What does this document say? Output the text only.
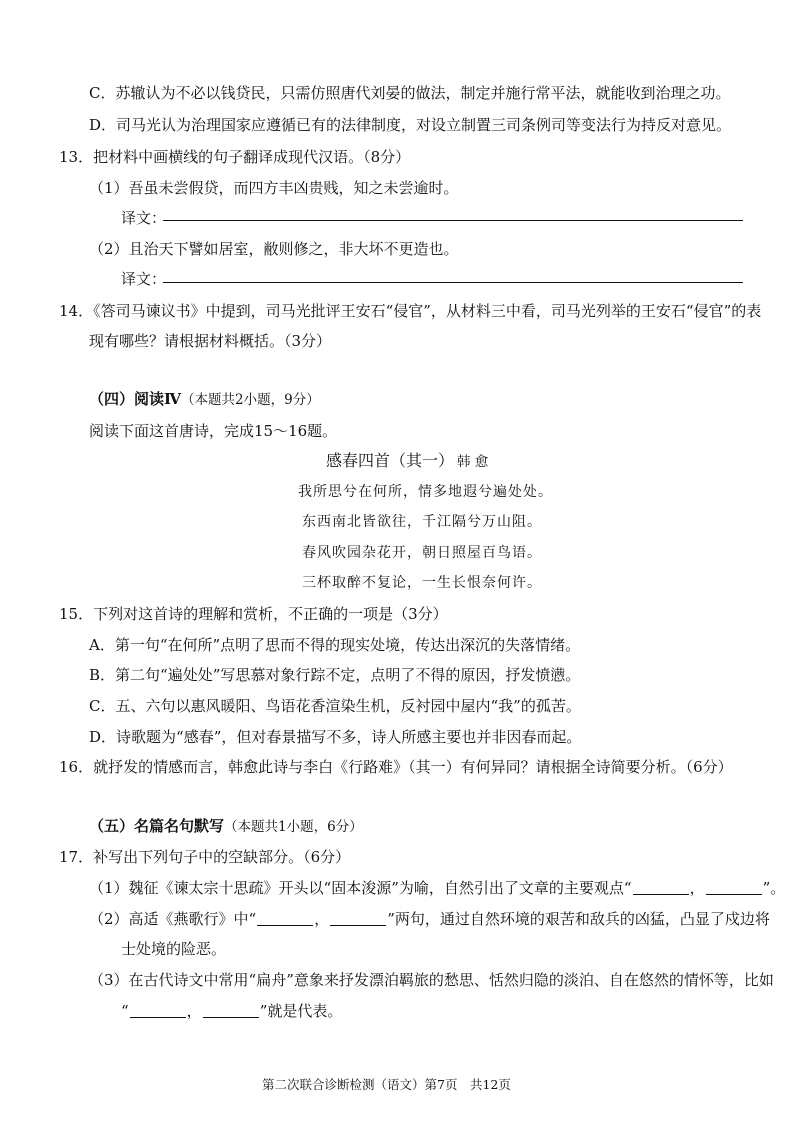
C．苏辙认为不必以钱贷民，只需仿照唐代刘晏的做法，制定并施行常平法，就能收到治理之功。
D．司马光认为治理国家应遵循已有的法律制度，对设立制置三司条例司等变法行为持反对意见。
13．把材料中画横线的句子翻译成现代汉语。（8分）
（1）吾虽未尝假贷，而四方丰凶贵贱，知之未尝逾时。
译文：
（2）且治天下譬如居室，敝则修之，非大坏不更造也。
译文：
14．《答司马谏议书》中提到，司马光批评王安石“侵官”，从材料三中看，司马光列举的王安石“侵官”的表
现有哪些？请根据材料概括。（3分）
（四）阅读Ⅳ（本题共2小题，9分）
阅读下面这首唐诗，完成15～16题。
感春四首（其一） 韩 愈
我所思兮在何所，情多地遐兮遍处处。
东西南北皆欲往，千江隔兮万山阻。
春风吹园杂花开，朝日照屋百鸟语。
三杯取醉不复论，一生长恨奈何许。
15．下列对这首诗的理解和赏析，不正确的一项是（3分）
A．第一句“在何所”点明了思而不得的现实处境，传达出深沉的失落情绪。
B．第二句“遍处处”写思慕对象行踪不定，点明了不得的原因，抒发愤懑。
C．五、六句以惠风暖阳、鸟语花香渲染生机，反衬园中屋内“我”的孤苦。
D．诗歌题为“感春”，但对春景描写不多，诗人所感主要也并非因春而起。
16．就抒发的情感而言，韩愈此诗与李白《行路难》（其一）有何异同？请根据全诗简要分析。（6分）
（五）名篇名句默写（本题共1小题，6分）
17．补写出下列句子中的空缺部分。（6分）
（1）魏征《谏太宗十思疏》开头以“固本浚源”为喻，自然引出了文章的主要观点“	，	”。
（2）高适《燕歌行》中“	，	”两句，通过自然环境的艰苦和敌兵的凶猛，凸显了戍边将
士处境的险恶。
（3）在古代诗文中常用“扁舟”意象来抒发漂泊羁旅的愁思、恬然归隐的淡泊、自在悠然的情怀等，比如
“	，	”就是代表。
第二次联合诊断检测（语文）第7页　共12页
